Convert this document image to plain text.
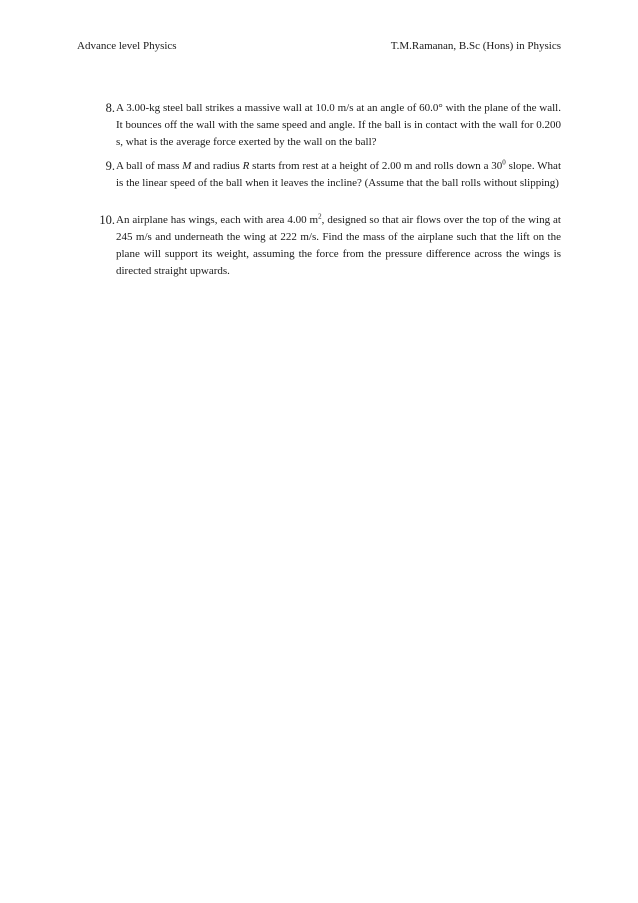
Advance level Physics	T.M.Ramanan, B.Sc (Hons) in Physics
8. A 3.00-kg steel ball strikes a massive wall at 10.0 m/s at an angle of 60.0° with the plane of the wall. It bounces off the wall with the same speed and angle. If the ball is in contact with the wall for 0.200 s, what is the average force exerted by the wall on the ball?
9. A ball of mass M and radius R starts from rest at a height of 2.00 m and rolls down a $30^0$ slope. What is the linear speed of the ball when it leaves the incline? (Assume that the ball rolls without slipping)
10. An airplane has wings, each with area 4.00 $m^2$, designed so that air flows over the top of the wing at 245 m/s and underneath the wing at 222 m/s. Find the mass of the airplane such that the lift on the plane will support its weight, assuming the force from the pressure difference across the wings is directed straight upwards.
